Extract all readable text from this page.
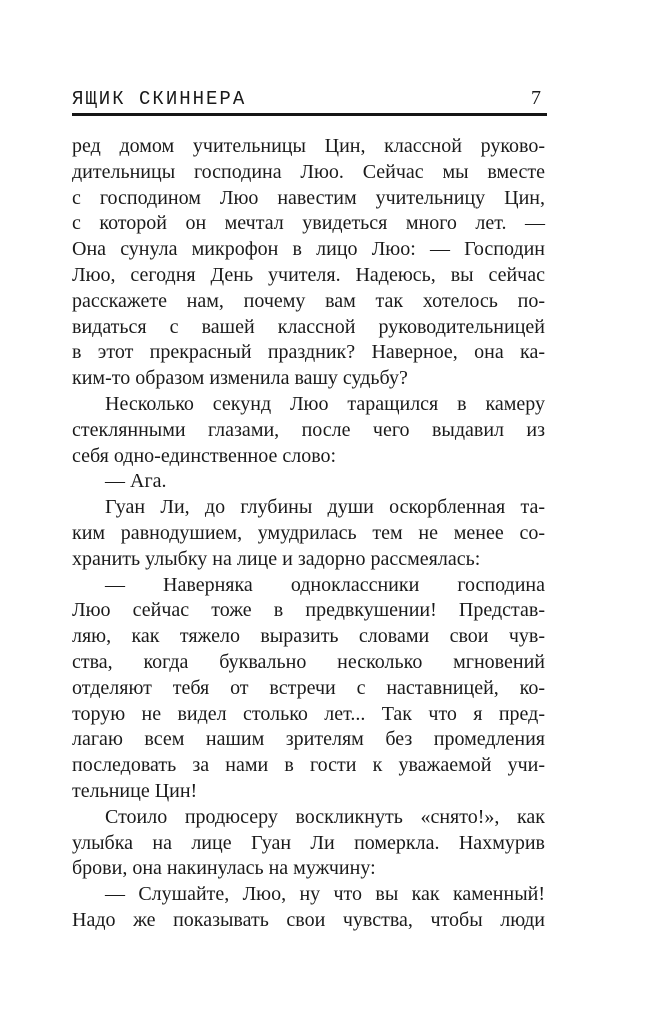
ЯЩИК СКИННЕРА	7
ред домом учительницы Цин, классной руково-
дительницы господина Люо. Сейчас мы вместе
с господином Люо навестим учительницу Цин,
с которой он мечтал увидеться много лет. —
Она сунула микрофон в лицо Люо: — Господин
Люо, сегодня День учителя. Надеюсь, вы сейчас
расскажете нам, почему вам так хотелось по-
видаться с вашей классной руководительницей
в этот прекрасный праздник? Наверное, она ка-
ким-то образом изменила вашу судьбу?
Несколько секунд Люо таращился в камеру
стеклянными глазами, после чего выдавил из
себя одно-единственное слово:
— Ага.
Гуан Ли, до глубины души оскорбленная та-
ким равнодушием, умудрилась тем не менее со-
хранить улыбку на лице и задорно рассмеялась:
— Наверняка одноклассники господина
Люо сейчас тоже в предвкушении! Представ-
ляю, как тяжело выразить словами свои чув-
ства, когда буквально несколько мгновений
отделяют тебя от встречи с наставницей, ко-
торую не видел столько лет... Так что я пред-
лагаю всем нашим зрителям без промедления
последовать за нами в гости к уважаемой учи-
тельнице Цин!
Стоило продюсеру воскликнуть «снято!», как
улыбка на лице Гуан Ли померкла. Нахмурив
брови, она накинулась на мужчину:
— Слушайте, Люо, ну что вы как каменный!
Надо же показывать свои чувства, чтобы люди
